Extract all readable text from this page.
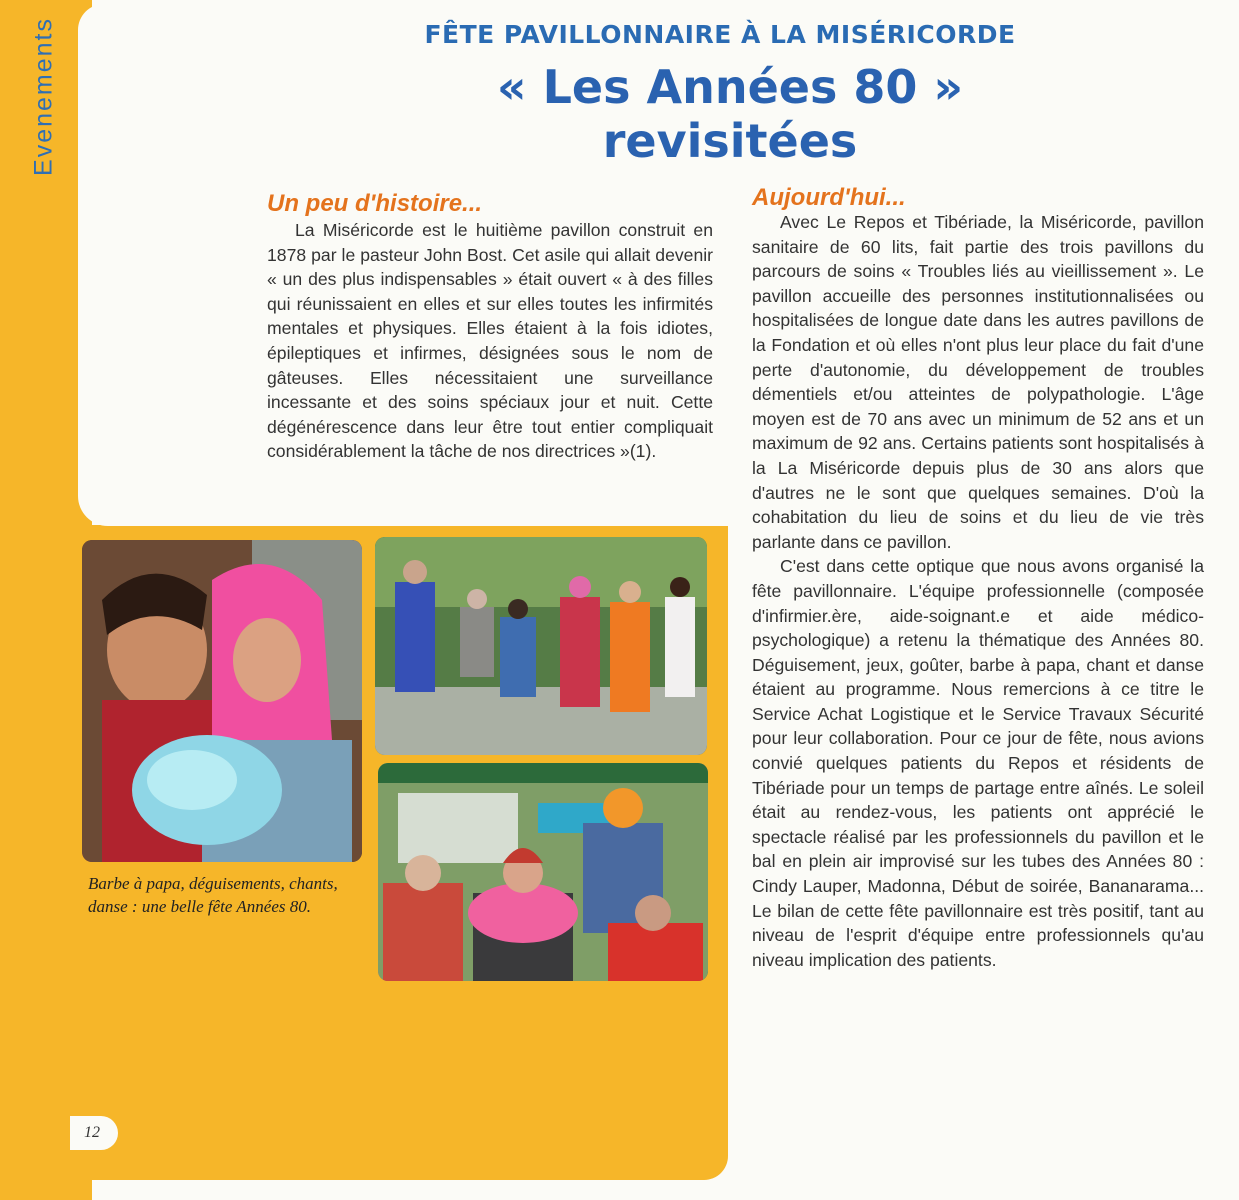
Evenements	FÊTE PAVILLONNAIRE À LA MISÉRICORDE
« Les Années 80 » revisitées
Un peu d'histoire...

La Miséricorde est le huitième pavillon construit en 1878 par le pasteur John Bost. Cet asile qui allait devenir « un des plus indispensables » était ouvert « à des filles qui réunissaient en elles et sur elles toutes les infirmités mentales et physiques. Elles étaient à la fois idiotes, épileptiques et infirmes, désignées sous le nom de gâteuses. Elles nécessitaient une surveillance incessante et des soins spéciaux jour et nuit. Cette dégénérescence dans leur être tout entier compliquait considérablement la tâche de nos directrices »(1).

Aujourd'hui...

Avec Le Repos et Tibériade, la Miséricorde, pavillon sanitaire de 60 lits, fait partie des trois pavillons du parcours de soins « Troubles liés au vieillissement ». Le pavillon accueille des personnes institutionnalisées ou hospitalisées de longue date dans les autres pavillons de la Fondation et où elles n'ont plus leur place du fait d'une perte d'autonomie, du développement de troubles démentiels et/ou atteintes de polypathologie. L'âge moyen est de 70 ans avec un minimum de 52 ans et un maximum de 92 ans. Certains patients sont hospitalisés à la La Miséricorde depuis plus de 30 ans alors que d'autres ne le sont que quelques semaines. D'où la cohabitation du lieu de soins et du lieu de vie très parlante dans ce pavillon.

C'est dans cette optique que nous avons organisé la fête pavillonnaire. L'équipe professionnelle (composée d'infirmier.ère, aide-soignant.e et aide médico-psychologique) a retenu la thématique des Années 80. Déguisement, jeux, goûter, barbe à papa, chant et danse étaient au programme. Nous remercions à ce titre le Service Achat Logistique et le Service Travaux Sécurité pour leur collaboration. Pour ce jour de fête, nous avions convié quelques patients du Repos et résidents de Tibériade pour un temps de partage entre aînés. Le soleil était au rendez-vous, les patients ont apprécié le spectacle réalisé par les professionnels du pavillon et le bal en plein air improvisé sur les tubes des Années 80 : Cindy Lauper, Madonna, Début de soirée, Bananarama... Le bilan de cette fête pavillonnaire est très positif, tant au niveau de l'esprit d'équipe entre professionnels qu'au niveau implication des patients.

Barbe à papa, déguisements, chants, danse : une belle fête Années 80.

12
